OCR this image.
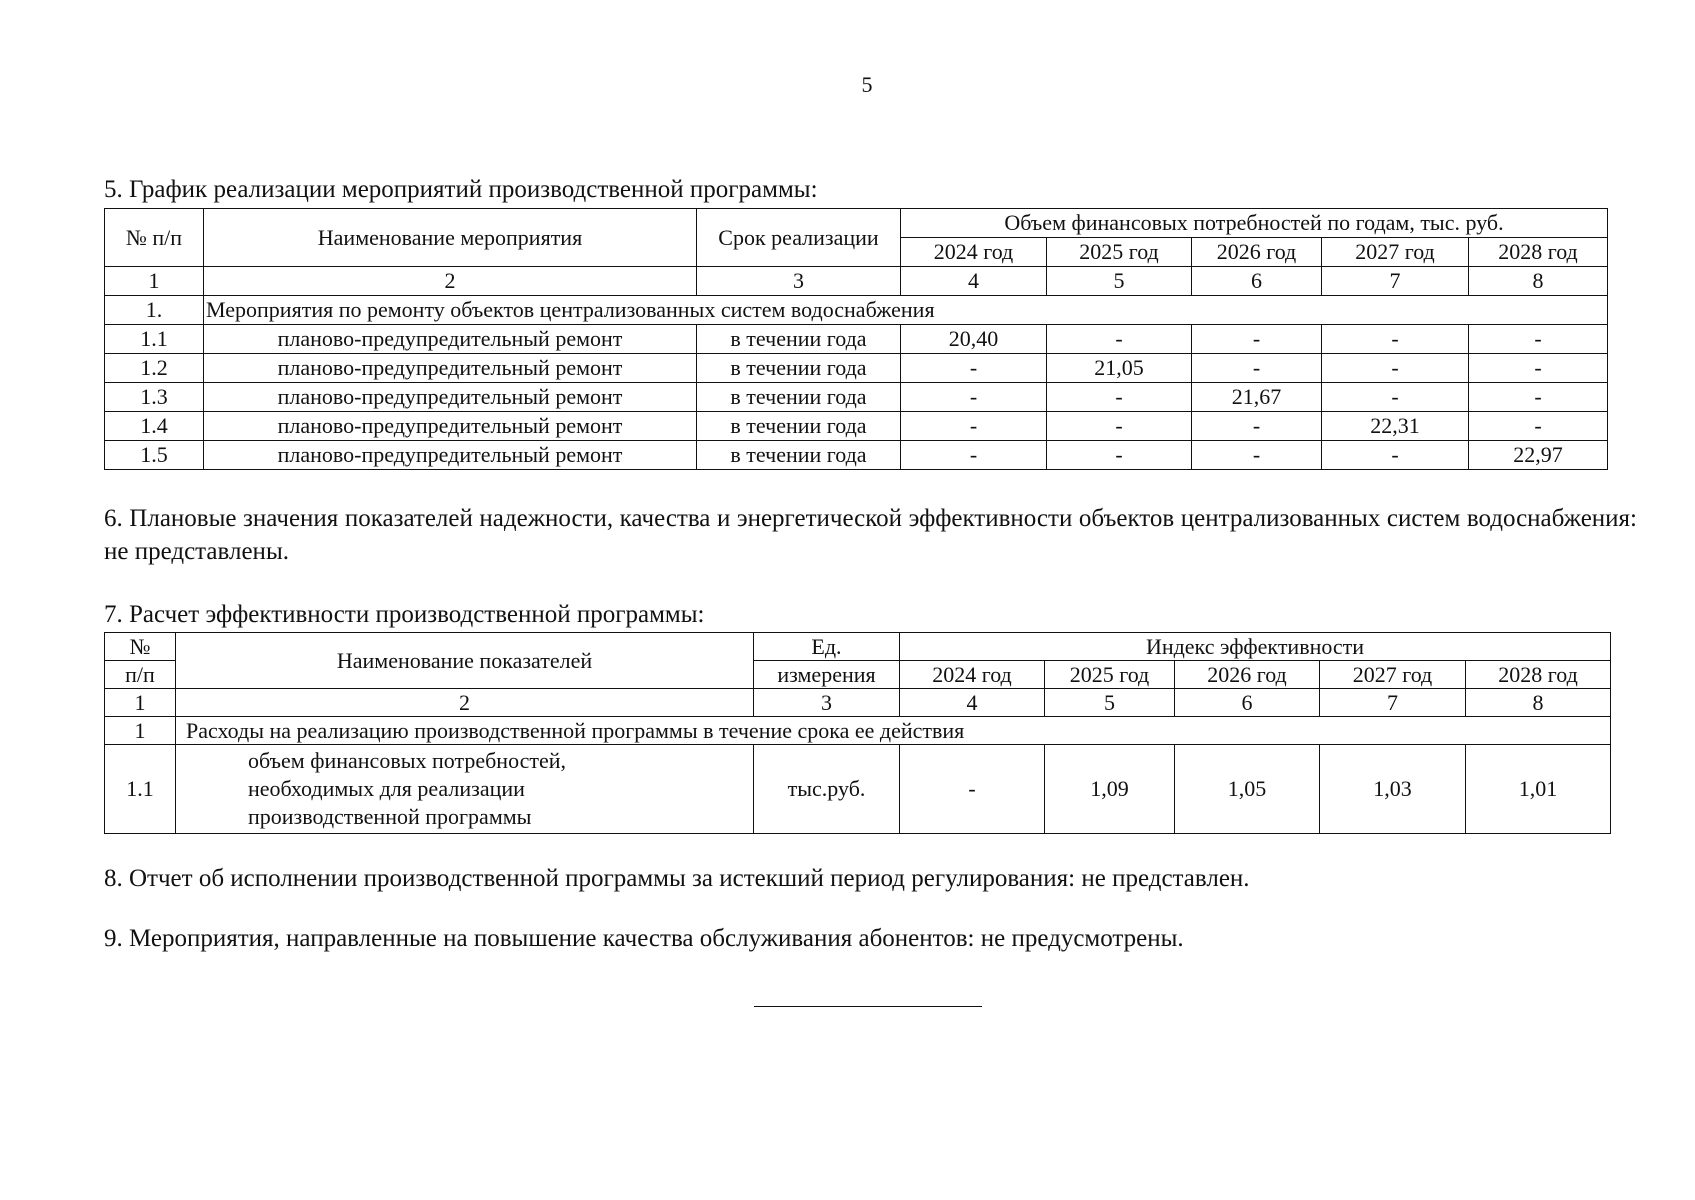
5
5. График реализации мероприятий производственной программы:
№ п/п	Наименование мероприятия	Срок реализации	Объем финансовых потребностей по годам, тыс. руб.				
			2024 год	2025 год	2026 год	2027 год	2028 год
1	2	3	4	5	6	7	8
1.	Мероприятия по ремонту объектов централизованных систем водоснабжения						
1.1	планово-предупредительный ремонт	в течении года	20,40	-	-	-	-
1.2	планово-предупредительный ремонт	в течении года	-	21,05	-	-	-
1.3	планово-предупредительный ремонт	в течении года	-	-	21,67	-	-
1.4	планово-предупредительный ремонт	в течении года	-	-	-	22,31	-
1.5	планово-предупредительный ремонт	в течении года	-	-	-	-	22,97
6. Плановые значения показателей надежности, качества и энергетической эффективности объектов централизованных систем водоснабжения: не представлены.
7. Расчет эффективности производственной программы:
№	Наименование показателей	Ед.	Индекс эффективности				
п/п		измерения	2024 год	2025 год	2026 год	2027 год	2028 год
1	2	3	4	5	6	7	8
1	Расходы на реализацию производственной программы в течение срока ее действия						
1.1	объем финансовых потребностей,
необходимых для реализации
производственной программы	тыс.руб.	-	1,09	1,05	1,03	1,01
8. Отчет об исполнении производственной программы за истекший период регулирования: не представлен.
9. Мероприятия, направленные на повышение качества обслуживания абонентов: не предусмотрены.
